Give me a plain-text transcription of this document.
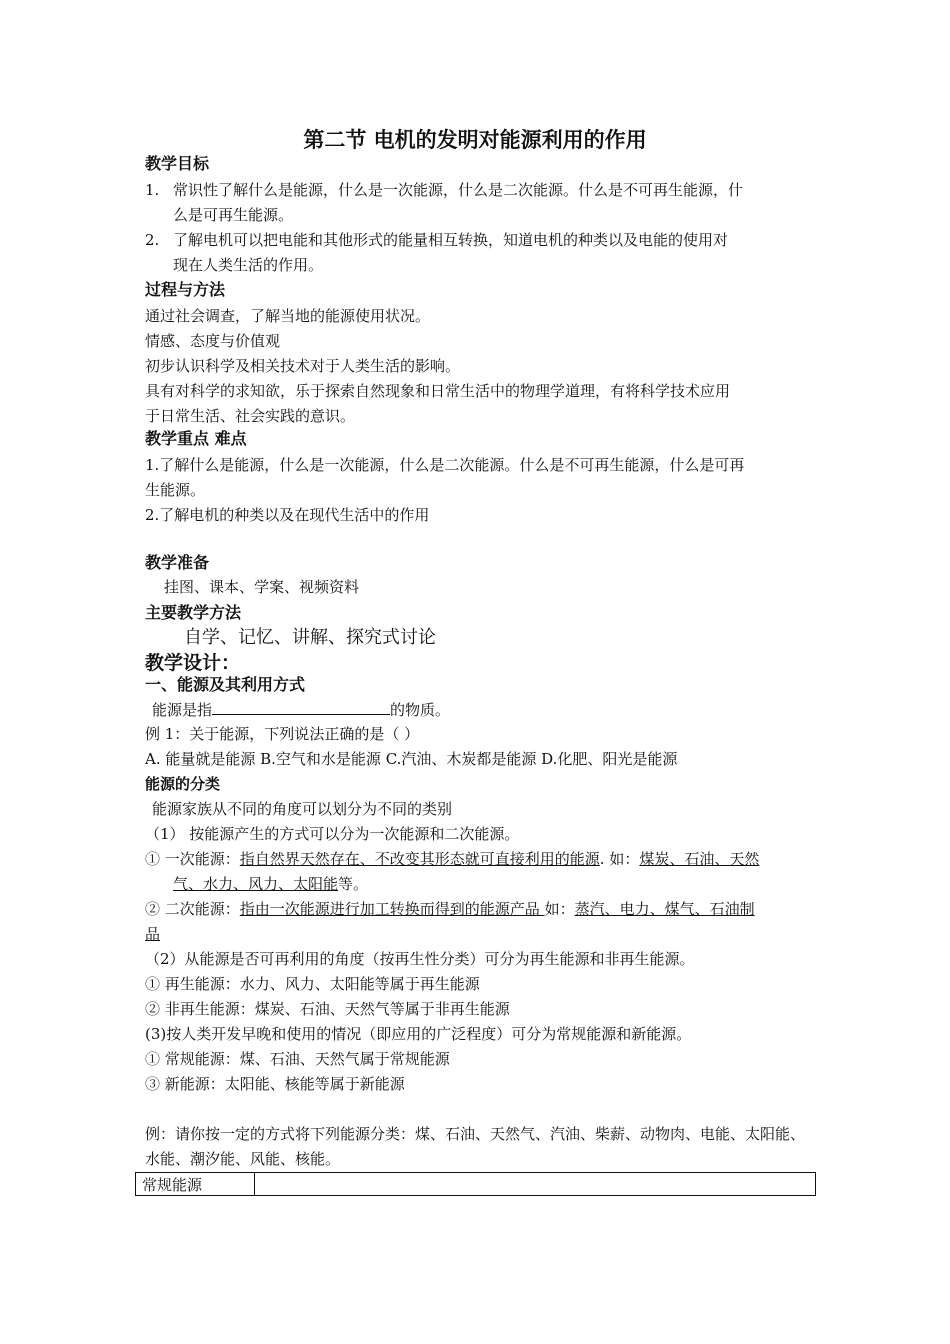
第二节 电机的发明对能源利用的作用
教学目标
1. 常识性了解什么是能源，什么是一次能源，什么是二次能源。什么是不可再生能源，什
么是可再生能源。
2. 了解电机可以把电能和其他形式的能量相互转换，知道电机的种类以及电能的使用对
现在人类生活的作用。
过程与方法
通过社会调查，了解当地的能源使用状况。
情感、态度与价值观
初步认识科学及相关技术对于人类生活的影响。
具有对科学的求知欲，乐于探索自然现象和日常生活中的物理学道理，有将科学技术应用
于日常生活、社会实践的意识。
教学重点 难点
1.了解什么是能源，什么是一次能源，什么是二次能源。什么是不可再生能源，什么是可再
生能源。
2.了解电机的种类以及在现代生活中的作用
教学准备
挂图、课本、学案、视频资料
主要教学方法
自学、记忆、讲解、探究式讨论
教学设计：
一、能源及其利用方式
能源是指	的物质。
例 1：关于能源，下列说法正确的是（ ）
A. 能量就是能源 B.空气和水是能源 C.汽油、木炭都是能源 D.化肥、阳光是能源
能源的分类
能源家族从不同的角度可以划分为不同的类别
（1） 按能源产生的方式可以分为一次能源和二次能源。
① 一次能源：指自然界天然存在、不改变其形态就可直接利用的能源. 如：煤炭、石油、天然
气、水力、风力、太阳能等。
② 二次能源：指由一次能源进行加工转换而得到的能源产品 如：蒸汽、电力、煤气、石油制
品
（2）从能源是否可再利用的角度（按再生性分类）可分为再生能源和非再生能源。
① 再生能源：水力、风力、太阳能等属于再生能源
② 非再生能源：煤炭、石油、天然气等属于非再生能源
(3)按人类开发早晚和使用的情况（即应用的广泛程度）可分为常规能源和新能源。
① 常规能源：煤、石油、天然气属于常规能源
③ 新能源：太阳能、核能等属于新能源
例：请你按一定的方式将下列能源分类：煤、石油、天然气、汽油、柴薪、动物肉、电能、太阳能、
水能、潮汐能、风能、核能。
常规能源	
